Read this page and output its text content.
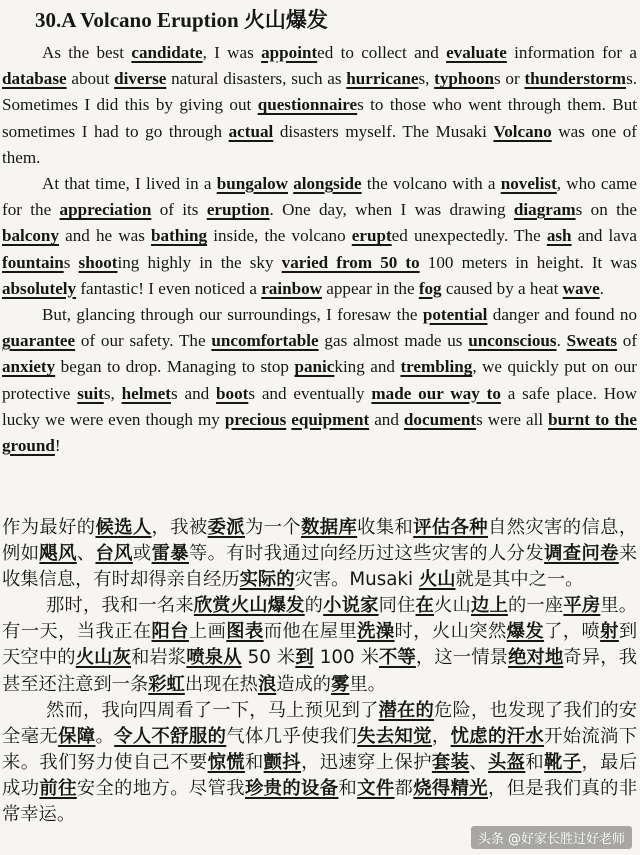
30.A Volcano Eruption 火山爆发

As the best candidate, I was appointed to collect and evaluate information for a database about diverse natural disasters, such as hurricanes, typhoons or thunderstorms. Sometimes I did this by giving out questionnaires to those who went through them. But sometimes I had to go through actual disasters myself. The Musaki Volcano was one of them.

At that time, I lived in a bungalow alongside the volcano with a novelist, who came for the appreciation of its eruption. One day, when I was drawing diagrams on the balcony and he was bathing inside, the volcano erupted unexpectedly. The ash and lava fountains shooting highly in the sky varied from 50 to 100 meters in height. It was absolutely fantastic! I even noticed a rainbow appear in the fog caused by a heat wave.

But, glancing through our surroundings, I foresaw the potential danger and found no guarantee of our safety. The uncomfortable gas almost made us unconscious. Sweats of anxiety began to drop. Managing to stop panicking and trembling, we quickly put on our protective suits, helmets and boots and eventually made our way to a safe place. How lucky we were even though my precious equipment and documents were all burnt to the ground!

作为最好的候选人，我被委派为一个数据库收集和评估各种自然灾害的信息，例如飓风、台风或雷暴等。有时我通过向经历过这些灾害的人分发调查问卷来收集信息，有时却得亲自经历实际的灾害。Musaki 火山就是其中之一。

那时，我和一名来欣赏火山爆发的小说家同住在火山边上的一座平房里。有一天，当我正在阳台上画图表而他在屋里洗澡时，火山突然爆发了，喷射到天空中的火山灰和岩浆喷泉从 50 米到 100 米不等，这一情景绝对地奇异，我甚至还注意到一条彩虹出现在热浪造成的雾里。

然而，我向四周看了一下，马上预见到了潜在的危险，也发现了我们的安全毫无保障。令人不舒服的气体几乎使我们失去知觉，忧虑的汗水开始流淌下来。我们努力使自己不要惊慌和颤抖，迅速穿上保护套装、头盔和靴子，最后成功前往安全的地方。尽管我珍贵的设备和文件都烧得精光，但是我们真的非常幸运。

头条 @好家长胜过好老师
